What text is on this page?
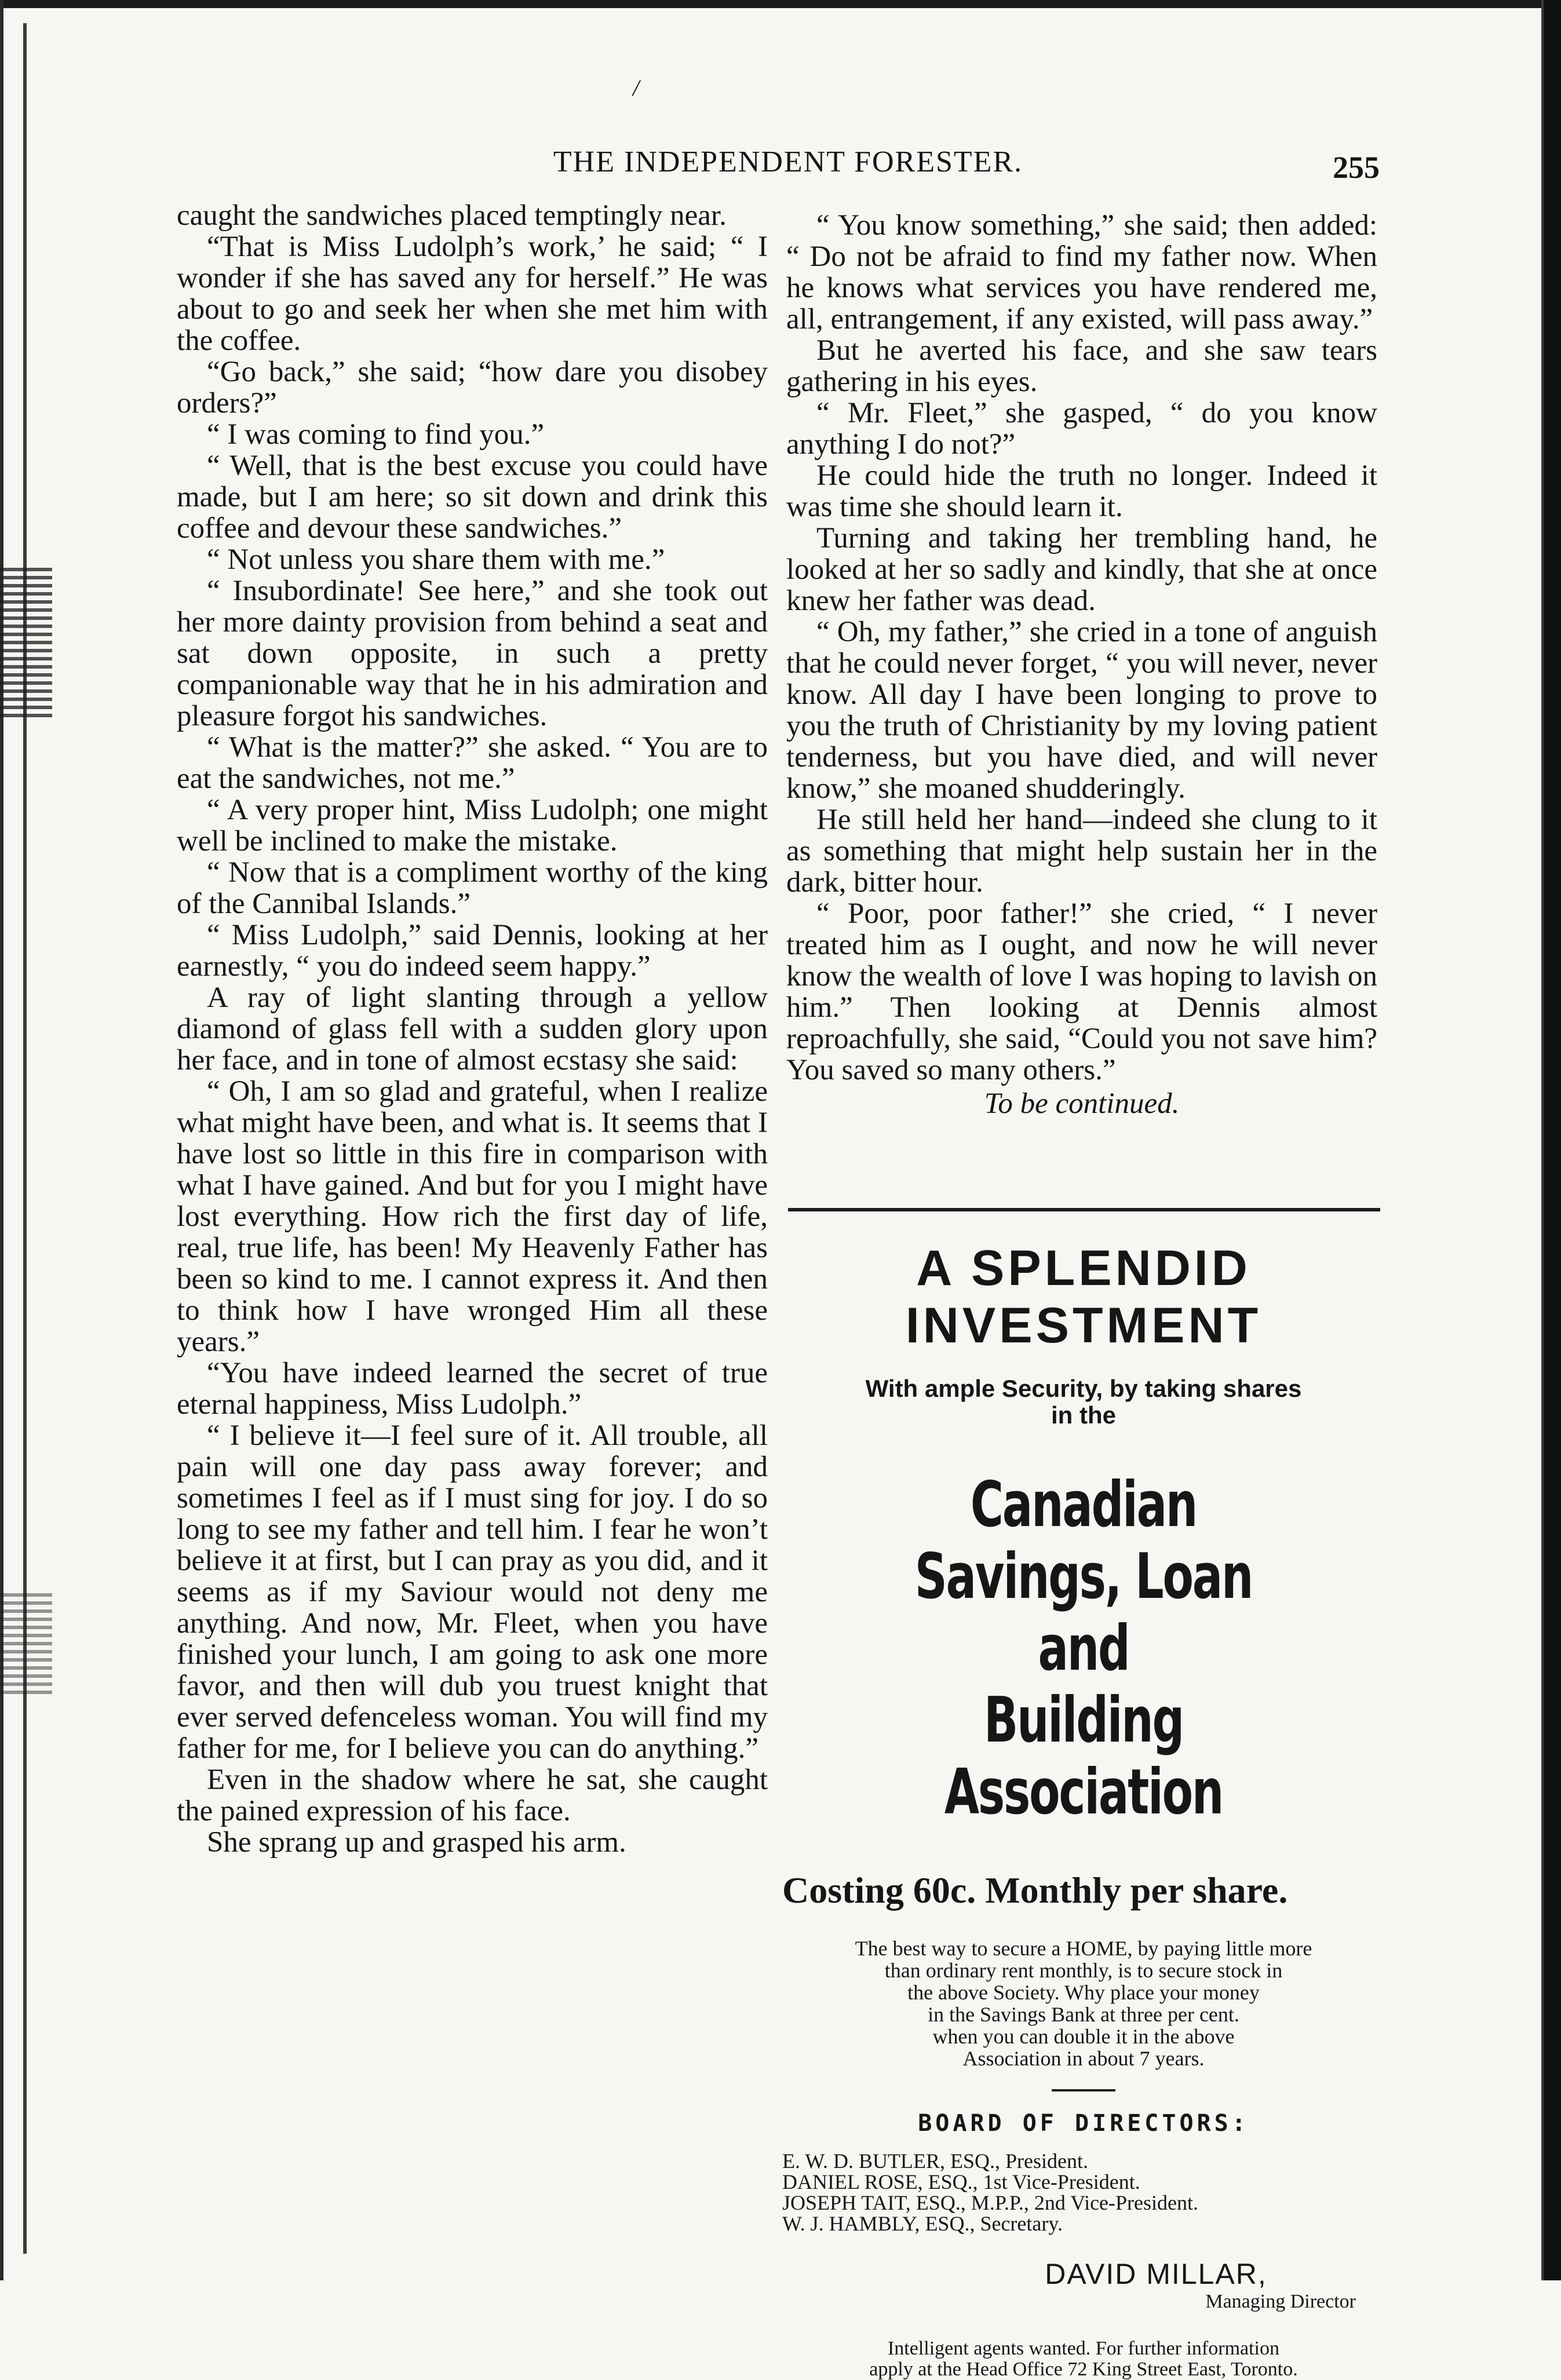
/
THE INDEPENDENT FORESTER.	255

caught the sandwiches placed temptingly near.

“That is Miss Ludolph’s work,’ he said; “ I wonder if she has saved any for herself.” He was about to go and seek her when she met him with the coffee.

“Go back,” she said; “how dare you disobey orders?”

“ I was coming to find you.”

“ Well, that is the best excuse you could have made, but I am here; so sit down and drink this coffee and devour these sandwiches.”

“ Not unless you share them with me.”

“ Insubordinate! See here,” and she took out her more dainty provision from behind a seat and sat down opposite, in such a pretty companionable way that he in his admiration and pleasure forgot his sandwiches.

“ What is the matter?” she asked. “ You are to eat the sandwiches, not me.”

“ A very proper hint, Miss Ludolph; one might well be inclined to make the mistake.

“ Now that is a compliment worthy of the king of the Cannibal Islands.”

“ Miss Ludolph,” said Dennis, looking at her earnestly, “ you do indeed seem happy.”

A ray of light slanting through a yellow diamond of glass fell with a sudden glory upon her face, and in tone of almost ecstasy she said:

“ Oh, I am so glad and grateful, when I realize what might have been, and what is. It seems that I have lost so little in this fire in comparison with what I have gained. And but for you I might have lost everything. How rich the first day of life, real, true life, has been! My Heavenly Father has been so kind to me. I cannot express it. And then to think how I have wronged Him all these years.”

“You have indeed learned the secret of true eternal happiness, Miss Ludolph.”

“ I believe it—I feel sure of it. All trouble, all pain will one day pass away forever; and sometimes I feel as if I must sing for joy. I do so long to see my father and tell him. I fear he won’t believe it at first, but I can pray as you did, and it seems as if my Saviour would not deny me anything. And now, Mr. Fleet, when you have finished your lunch, I am going to ask one more favor, and then will dub you truest knight that ever served defenceless woman. You will find my father for me, for I believe you can do anything.”

Even in the shadow where he sat, she caught the pained expression of his face.

She sprang up and grasped his arm.

“ You know something,” she said; then added: “ Do not be afraid to find my father now. When he knows what services you have rendered me, all, entrangement, if any existed, will pass away.”

But he averted his face, and she saw tears gathering in his eyes.

“ Mr. Fleet,” she gasped, “ do you know anything I do not?”

He could hide the truth no longer. Indeed it was time she should learn it.

Turning and taking her trembling hand, he looked at her so sadly and kindly, that she at once knew her father was dead.

“ Oh, my father,” she cried in a tone of anguish that he could never forget, “ you will never, never know. All day I have been longing to prove to you the truth of Christianity by my loving patient tenderness, but you have died, and will never know,” she moaned shudderingly.

He still held her hand—indeed she clung to it as something that might help sustain her in the dark, bitter hour.

“ Poor, poor father!” she cried, “ I never treated him as I ought, and now he will never know the wealth of love I was hoping to lavish on him.” Then looking at Dennis almost reproachfully, she said, “Could you not save him? You saved so many others.”

To be continued.

A SPLENDID INVESTMENT

With ample Security, by taking shares
in the

Canadian Savings, Loan and
Building Association

Costing 60c. Monthly per share.

The best way to secure a HOME, by paying little more
than ordinary rent monthly, is to secure stock in
the above Society. Why place your money
in the Savings Bank at three per cent.
when you can double it in the above
Association in about 7 years.

BOARD OF DIRECTORS:

E. W. D. BUTLER, ESQ., President.
DANIEL ROSE, ESQ., 1st Vice-President.
JOSEPH TAIT, ESQ., M.P.P., 2nd Vice-President.
W. J. HAMBLY, ESQ., Secretary.

DAVID MILLAR,

Managing Director

Intelligent agents wanted. For further information
apply at the Head Office 72 King Street East, Toronto.
